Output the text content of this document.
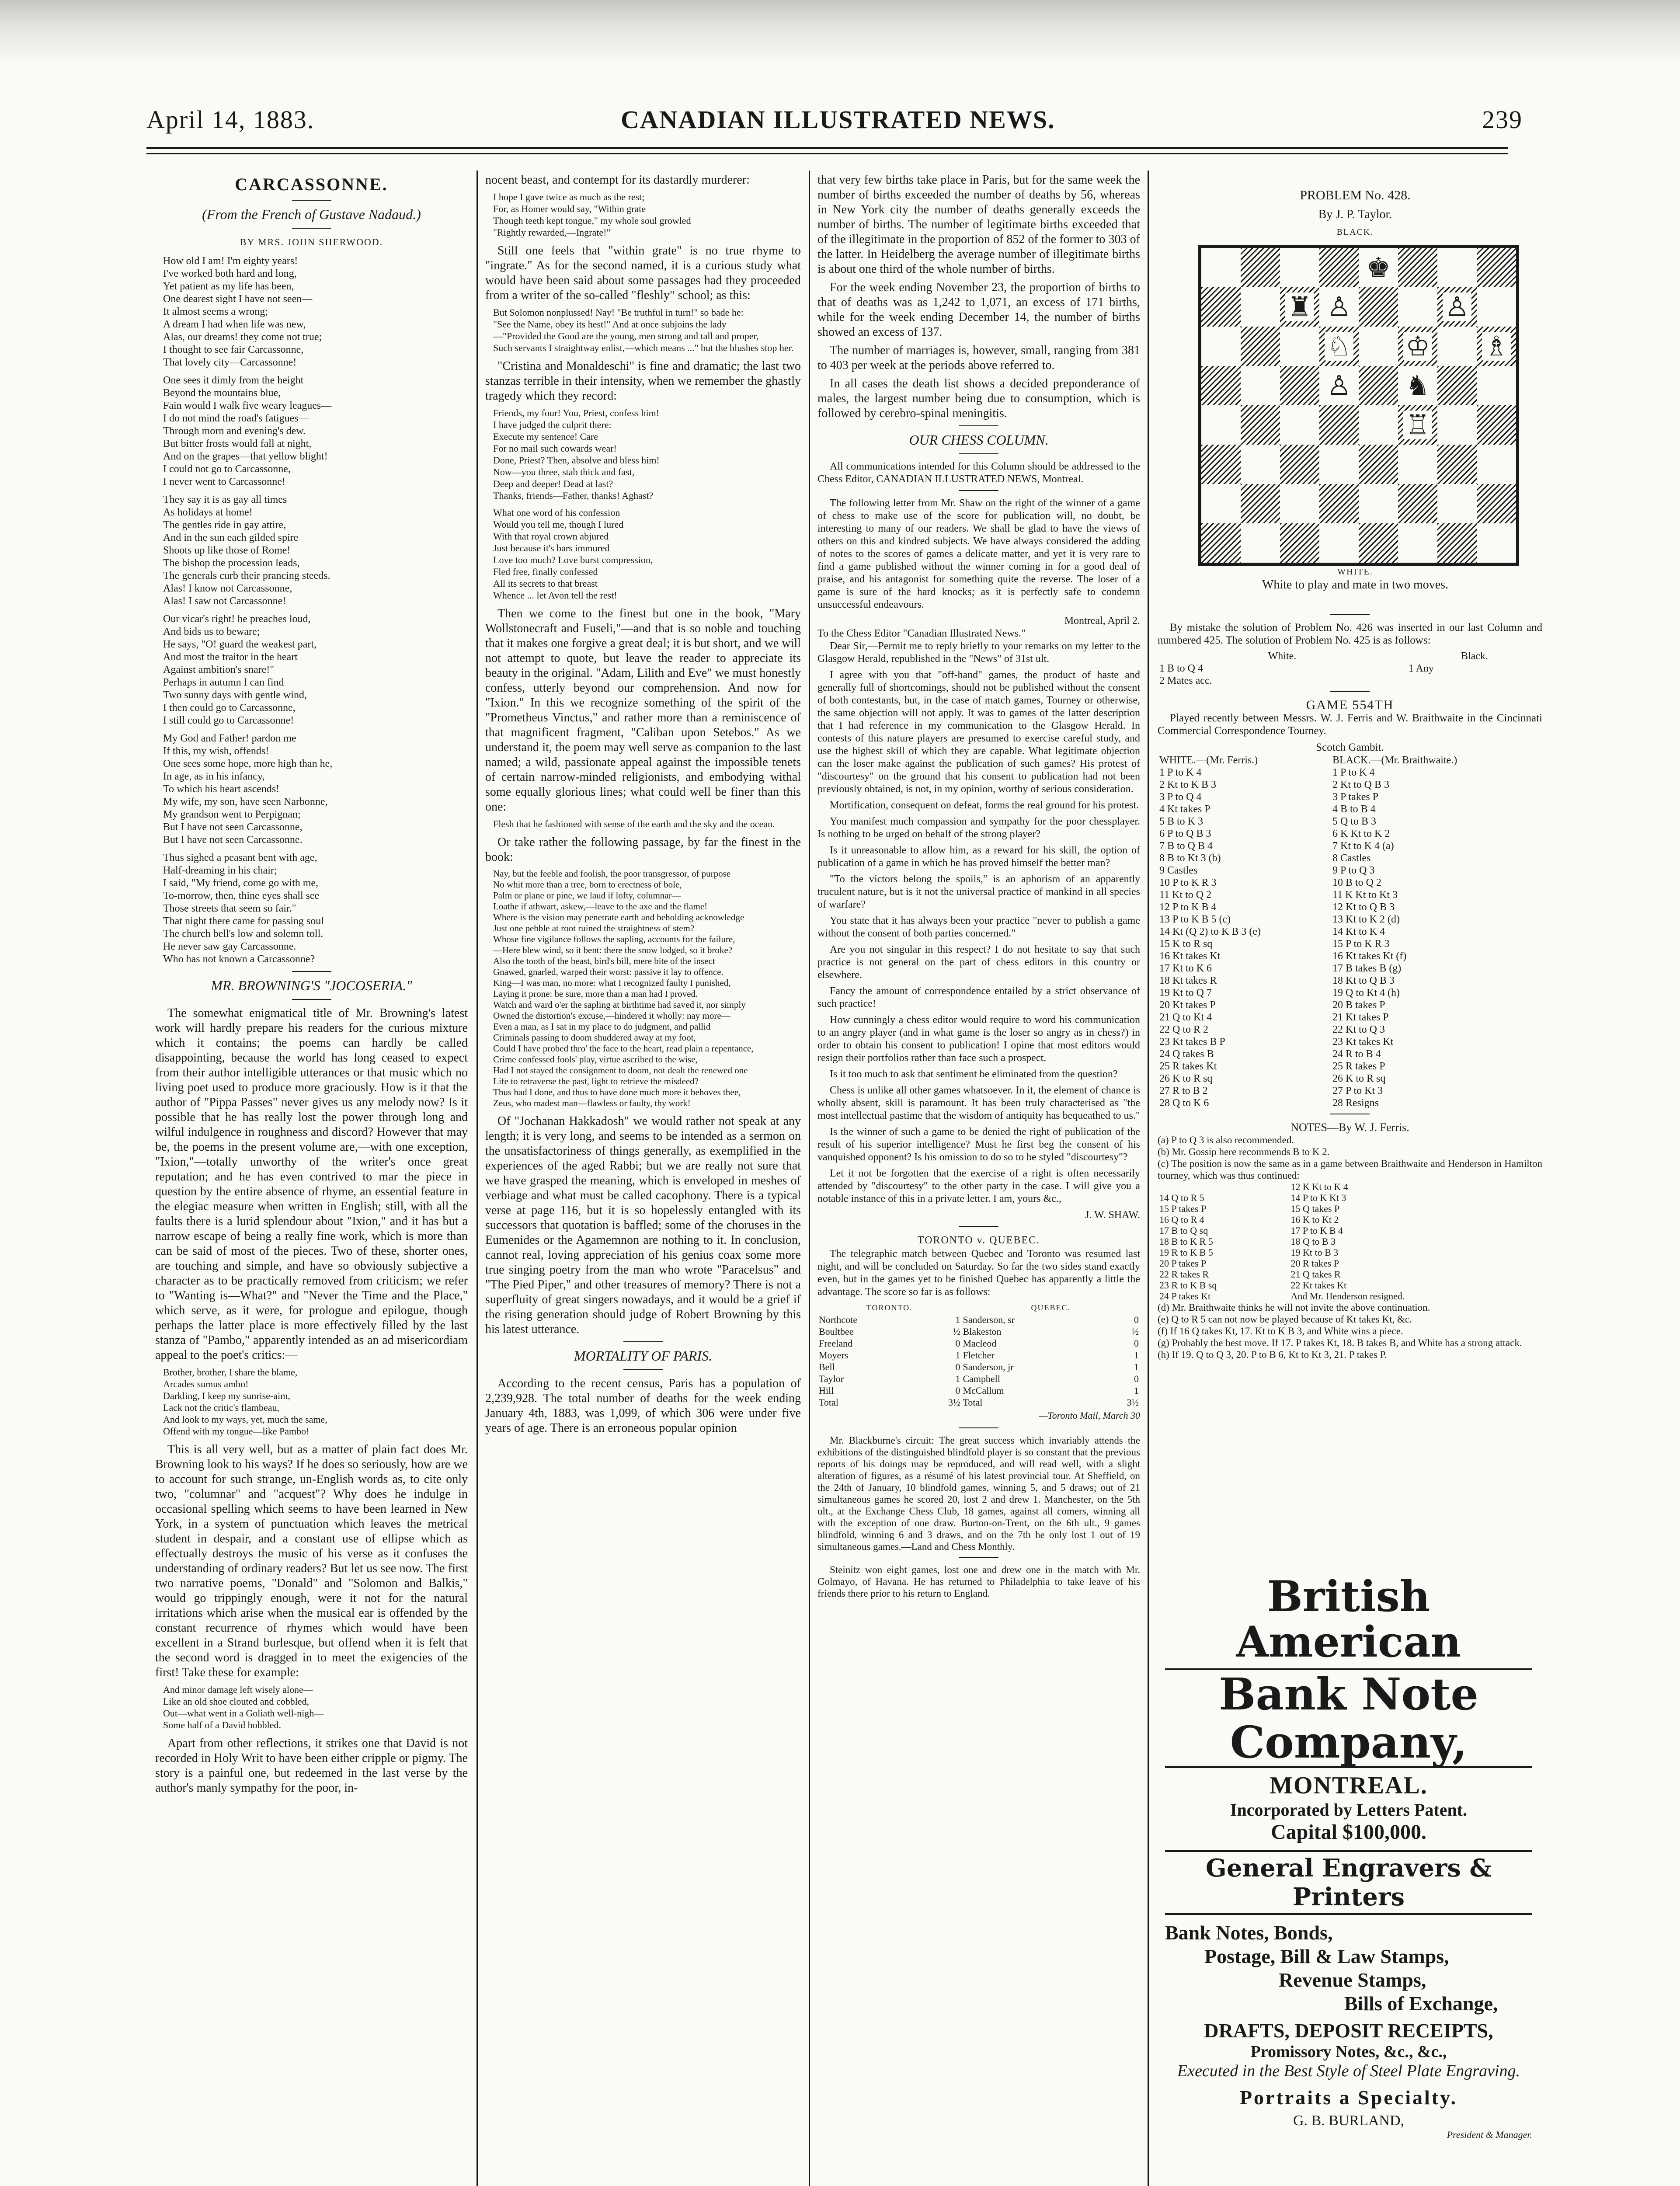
April 14, 1883.	CANADIAN ILLUSTRATED NEWS.	239
CARCASSONNE.
(From the French of Gustave Nadaud.)
BY MRS. JOHN SHERWOOD.
How old I am! I'm eighty years!
I've worked both hard and long,
Yet patient as my life has been,
One dearest sight I have not seen—
It almost seems a wrong;
A dream I had when life was new,
Alas, our dreams! they come not true;
I thought to see fair Carcassonne,
That lovely city—Carcassonne!
One sees it dimly from the height
Beyond the mountains blue,
Fain would I walk five weary leagues—
I do not mind the road's fatigues—
Through morn and evening's dew.
But bitter frosts would fall at night,
And on the grapes—that yellow blight!
I could not go to Carcassonne,
I never went to Carcassonne!
They say it is as gay all times
As holidays at home!
The gentles ride in gay attire,
And in the sun each gilded spire
Shoots up like those of Rome!
The bishop the procession leads,
The generals curb their prancing steeds.
Alas! I know not Carcassonne,
Alas! I saw not Carcassonne!
Our vicar's right! he preaches loud,
And bids us to beware;
He says, "O! guard the weakest part,
And most the traitor in the heart
Against ambition's snare!"
Perhaps in autumn I can find
Two sunny days with gentle wind,
I then could go to Carcassonne,
I still could go to Carcassonne!
My God and Father! pardon me
If this, my wish, offends!
One sees some hope, more high than he,
In age, as in his infancy,
To which his heart ascends!
My wife, my son, have seen Narbonne,
My grandson went to Perpignan;
But I have not seen Carcassonne,
But I have not seen Carcassonne.
Thus sighed a peasant bent with age,
Half-dreaming in his chair;
I said, "My friend, come go with me,
To-morrow, then, thine eyes shall see
Those streets that seem so fair."
That night there came for passing soul
The church bell's low and solemn toll.
He never saw gay Carcassonne.
Who has not known a Carcassonne?
MR. BROWNING'S "JOCOSERIA."

The somewhat enigmatical title of Mr. Browning's latest work will hardly prepare his readers for the curious mixture which it contains; the poems can hardly be called disappointing, because the world has long ceased to expect from their author intelligible utterances or that music which no living poet used to produce more graciously. How is it that the author of "Pippa Passes" never gives us any melody now? Is it possible that he has really lost the power through long and wilful indulgence in roughness and discord? However that may be, the poems in the present volume are,—with one exception, "Ixion,"—totally unworthy of the writer's once great reputation; and he has even contrived to mar the piece in question by the entire absence of rhyme, an essential feature in the elegiac measure when written in English; still, with all the faults there is a lurid splendour about "Ixion," and it has but a narrow escape of being a really fine work, which is more than can be said of most of the pieces. Two of these, shorter ones, are touching and simple, and have so obviously subjective a character as to be practically removed from criticism; we refer to "Wanting is—What?" and "Never the Time and the Place," which serve, as it were, for prologue and epilogue, though perhaps the latter place is more effectively filled by the last stanza of "Pambo," apparently intended as an ad misericordiam appeal to the poet's critics:—

Brother, brother, I share the blame,
Arcades sumus ambo!
Darkling, I keep my sunrise-aim,
Lack not the critic's flambeau,
And look to my ways, yet, much the same,
Offend with my tongue—like Pambo!

This is all very well, but as a matter of plain fact does Mr. Browning look to his ways? If he does so seriously, how are we to account for such strange, un-English words as, to cite only two, "columnar" and "acquest"? Why does he indulge in occasional spelling which seems to have been learned in New York, in a system of punctuation which leaves the metrical student in despair, and a constant use of ellipse which as effectually destroys the music of his verse as it confuses the understanding of ordinary readers? But let us see now. The first two narrative poems, "Donald" and "Solomon and Balkis," would go trippingly enough, were it not for the natural irritations which arise when the musical ear is offended by the constant recurrence of rhymes which would have been excellent in a Strand burlesque, but offend when it is felt that the second word is dragged in to meet the exigencies of the first! Take these for example:

And minor damage left wisely alone—
Like an old shoe clouted and cobbled,
Out—what went in a Goliath well-nigh—
Some half of a David hobbled.

Apart from other reflections, it strikes one that David is not recorded in Holy Writ to have been either cripple or pigmy. The story is a painful one, but redeemed in the last verse by the author's manly sympathy for the poor, in-

nocent beast, and contempt for its dastardly murderer:

I hope I gave twice as much as the rest;
For, as Homer would say, "Within grate
Though teeth kept tongue," my whole soul growled
"Rightly rewarded,—Ingrate!"

Still one feels that "within grate" is no true rhyme to "ingrate." As for the second named, it is a curious study what would have been said about some passages had they proceeded from a writer of the so-called "fleshly" school; as this:

But Solomon nonplussed! Nay! "Be truthful in turn!" so bade he:
"See the Name, obey its hest!" And at once subjoins the lady
—"Provided the Good are the young, men strong and tall and proper,
Such servants I straightway enlist,—which means ..." but the blushes stop her.

"Cristina and Monaldeschi" is fine and dramatic; the last two stanzas terrible in their intensity, when we remember the ghastly tragedy which they record:

Friends, my four! You, Priest, confess him!
I have judged the culprit there:
Execute my sentence! Care
For no mail such cowards wear!
Done, Priest? Then, absolve and bless him!
Now—you three, stab thick and fast,
Deep and deeper! Dead at last?
Thanks, friends—Father, thanks! Aghast?
What one word of his confession
Would you tell me, though I lured
With that royal crown abjured
Just because it's bars immured
Love too much? Love burst compression,
Fled free, finally confessed
All its secrets to that breast
Whence ... let Avon tell the rest!

Then we come to the finest but one in the book, "Mary Wollstonecraft and Fuseli,"—and that is so noble and touching that it makes one forgive a great deal; it is but short, and we will not attempt to quote, but leave the reader to appreciate its beauty in the original. "Adam, Lilith and Eve" we must honestly confess, utterly beyond our comprehension. And now for "Ixion." In this we recognize something of the spirit of the "Prometheus Vinctus," and rather more than a reminiscence of that magnificent fragment, "Caliban upon Setebos." As we understand it, the poem may well serve as companion to the last named; a wild, passionate appeal against the impossible tenets of certain narrow-minded religionists, and embodying withal some equally glorious lines; what could well be finer than this one:

Flesh that he fashioned with sense of the earth and the sky and the ocean.

Or take rather the following passage, by far the finest in the book:

Nay, but the feeble and foolish, the poor transgressor, of purpose
No whit more than a tree, born to erectness of bole,
Palm or plane or pine, we laud if lofty, columnar—
Loathe if athwart, askew,—leave to the axe and the flame!
Where is the vision may penetrate earth and beholding acknowledge
Just one pebble at root ruined the straightness of stem?
Whose fine vigilance follows the sapling, accounts for the failure,
—Here blew wind, so it bent: there the snow lodged, so it broke?
Also the tooth of the beast, bird's bill, mere bite of the insect
Gnawed, gnarled, warped their worst: passive it lay to offence.
King—I was man, no more: what I recognized faulty I punished,
Laying it prone: be sure, more than a man had I proved.
Watch and ward o'er the sapling at birthtime had saved it, nor simply
Owned the distortion's excuse,—hindered it wholly: nay more—
Even a man, as I sat in my place to do judgment, and pallid
Criminals passing to doom shuddered away at my foot,
Could I have probed thro' the face to the heart, read plain a repentance,
Crime confessed fools' play, virtue ascribed to the wise,
Had I not stayed the consignment to doom, not dealt the renewed one
Life to retraverse the past, light to retrieve the misdeed?
Thus had I done, and thus to have done much more it behoves thee,
Zeus, who madest man—flawless or faulty, thy work!

Of "Jochanan Hakkadosh" we would rather not speak at any length; it is very long, and seems to be intended as a sermon on the unsatisfactoriness of things generally, as exemplified in the experiences of the aged Rabbi; but we are really not sure that we have grasped the meaning, which is enveloped in meshes of verbiage and what must be called cacophony. There is a typical verse at page 116, but it is so hopelessly entangled with its successors that quotation is baffled; some of the choruses in the Eumenides or the Agamemnon are nothing to it. In conclusion, cannot real, loving appreciation of his genius coax some more true singing poetry from the man who wrote "Paracelsus" and "The Pied Piper," and other treasures of memory? There is not a superfluity of great singers nowadays, and it would be a grief if the rising generation should judge of Robert Browning by this his latest utterance.

MORTALITY OF PARIS.

According to the recent census, Paris has a population of 2,239,928. The total number of deaths for the week ending January 4th, 1883, was 1,099, of which 306 were under five years of age. There is an erroneous popular opinion

that very few births take place in Paris, but for the same week the number of births exceeded the number of deaths by 56, whereas in New York city the number of deaths generally exceeds the number of births. The number of legitimate births exceeded that of the illegitimate in the proportion of 852 of the former to 303 of the latter. In Heidelberg the average number of illegitimate births is about one third of the whole number of births.

For the week ending November 23, the proportion of births to that of deaths was as 1,242 to 1,071, an excess of 171 births, while for the week ending December 14, the number of births showed an excess of 137.

The number of marriages is, however, small, ranging from 381 to 403 per week at the periods above referred to.

In all cases the death list shows a decided preponderance of males, the largest number being due to consumption, which is followed by cerebro-spinal meningitis.

OUR CHESS COLUMN.

All communications intended for this Column should be addressed to the Chess Editor, CANADIAN ILLUSTRATED NEWS, Montreal.

The following letter from Mr. Shaw on the right of the winner of a game of chess to make use of the score for publication will, no doubt, be interesting to many of our readers. We shall be glad to have the views of others on this and kindred subjects. We have always considered the adding of notes to the scores of games a delicate matter, and yet it is very rare to find a game published without the winner coming in for a good deal of praise, and his antagonist for something quite the reverse. The loser of a game is sure of the hard knocks; as it is perfectly safe to condemn unsuccessful endeavours.

Montreal, April 2.
To the Chess Editor "Canadian Illustrated News."

Dear Sir,—Permit me to reply briefly to your remarks on my letter to the Glasgow Herald, republished in the "News" of 31st ult.

I agree with you that "off-hand" games, the product of haste and generally full of shortcomings, should not be published without the consent of both contestants, but, in the case of match games, Tourney or otherwise, the same objection will not apply. It was to games of the latter description that I had reference in my communication to the Glasgow Herald. In contests of this nature players are presumed to exercise careful study, and use the highest skill of which they are capable. What legitimate objection can the loser make against the publication of such games? His protest of "discourtesy" on the ground that his consent to publication had not been previously obtained, is not, in my opinion, worthy of serious consideration.

Mortification, consequent on defeat, forms the real ground for his protest.

You manifest much compassion and sympathy for the poor chessplayer. Is nothing to be urged on behalf of the strong player?

Is it unreasonable to allow him, as a reward for his skill, the option of publication of a game in which he has proved himself the better man?

"To the victors belong the spoils," is an aphorism of an apparently truculent nature, but is it not the universal practice of mankind in all species of warfare?

You state that it has always been your practice "never to publish a game without the consent of both parties concerned."

Are you not singular in this respect? I do not hesitate to say that such practice is not general on the part of chess editors in this country or elsewhere.

Fancy the amount of correspondence entailed by a strict observance of such practice!

How cunningly a chess editor would require to word his communication to an angry player (and in what game is the loser so angry as in chess?) in order to obtain his consent to publication! I opine that most editors would resign their portfolios rather than face such a prospect.

Is it too much to ask that sentiment be eliminated from the question?

Chess is unlike all other games whatsoever. In it, the element of chance is wholly absent, skill is paramount. It has been truly characterised as "the most intellectual pastime that the wisdom of antiquity has bequeathed to us."

Is the winner of such a game to be denied the right of publication of the result of his superior intelligence? Must he first beg the consent of his vanquished opponent? Is his omission to do so to be styled "discourtesy"?

Let it not be forgotten that the exercise of a right is often necessarily attended by "discourtesy" to the other party in the case. I will give you a notable instance of this in a private letter. I am, yours &c.,

J. W. SHAW.
TORONTO v. QUEBEC.

The telegraphic match between Quebec and Toronto was resumed last night, and will be concluded on Saturday. So far the two sides stand exactly even, but in the games yet to be finished Quebec has apparently a little the advantage. The score so far is as follows:

TORONTO.		QUEBEC.	
Northcote	1	Sanderson, sr	0
Boultbee	½	Blakeston	½
Freeland	0	Macleod	0
Moyers	1	Fletcher	1
Bell	0	Sanderson, jr	1
Taylor	1	Campbell	0
Hill	0	McCallum	1
Total	3½	Total	3½
—Toronto Mail, March 30

Mr. Blackburne's circuit: The great success which invariably attends the exhibitions of the distinguished blindfold player is so constant that the previous reports of his doings may be reproduced, and will read well, with a slight alteration of figures, as a résumé of his latest provincial tour. At Sheffield, on the 24th of January, 10 blindfold games, winning 5, and 5 draws; out of 21 simultaneous games he scored 20, lost 2 and drew 1. Manchester, on the 5th ult., at the Exchange Chess Club, 18 games, against all comers, winning all with the exception of one draw. Burton-on-Trent, on the 6th ult., 9 games blindfold, winning 6 and 3 draws, and on the 7th he only lost 1 out of 19 simultaneous games.—Land and Chess Monthly.

Steinitz won eight games, lost one and drew one in the match with Mr. Golmayo, of Havana. He has returned to Philadelphia to take leave of his friends there prior to his return to England.

PROBLEM No. 428.
By J. P. Taylor.
BLACK.
♚
♜ ♙	♙
♘ ♔ ♗
♙ ♞
♖
WHITE.
White to play and mate in two moves.

By mistake the solution of Problem No. 426 was inserted in our last Column and numbered 425. The solution of Problem No. 425 is as follows:

White.	Black.
1 B to Q 4	1 Any
2 Mates acc.	
GAME 554TH

Played recently between Messrs. W. J. Ferris and W. Braithwaite in the Cincinnati Commercial Correspondence Tourney.

Scotch Gambit.
WHITE.—(Mr. Ferris.)	BLACK.—(Mr. Braithwaite.)
1 P to K 4	1 P to K 4
2 Kt to K B 3	2 Kt to Q B 3
3 P to Q 4	3 P takes P
4 Kt takes P	4 B to B 4
5 B to K 3	5 Q to B 3
6 P to Q B 3	6 K Kt to K 2
7 B to Q B 4	7 Kt to K 4 (a)
8 B to Kt 3 (b)	8 Castles
9 Castles	9 P to Q 3
10 P to K R 3	10 B to Q 2
11 Kt to Q 2	11 K Kt to Kt 3
12 P to K B 4	12 Kt to Q B 3
13 P to K B 5 (c)	13 Kt to K 2 (d)
14 Kt (Q 2) to K B 3 (e)	14 Kt to K 4
15 K to R sq	15 P to K R 3
16 Kt takes Kt	16 Kt takes Kt (f)
17 Kt to K 6	17 B takes B (g)
18 Kt takes R	18 Kt to Q B 3
19 Kt to Q 7	19 Q to Kt 4 (h)
20 Kt takes P	20 B takes P
21 Q to Kt 4	21 Kt takes P
22 Q to R 2	22 Kt to Q 3
23 Kt takes B P	23 Kt takes Kt
24 Q takes B	24 R to B 4
25 R takes Kt	25 R takes P
26 K to R sq	26 K to R sq
27 R to B 2	27 P to Kt 3
28 Q to K 6	28 Resigns
NOTES—By W. J. Ferris.
(a) P to Q 3 is also recommended.
(b) Mr. Gossip here recommends B to K 2.
(c) The position is now the same as in a game between Braithwaite and Henderson in Hamilton tourney, which was thus continued:
	12 K Kt to K 4
14 Q to R 5	14 P to K Kt 3
15 P takes P	15 Q takes P
16 Q to R 4	16 K to Kt 2
17 B to Q sq	17 P to K B 4
18 B to K R 5	18 Q to B 3
19 R to K B 5	19 Kt to B 3
20 P takes P	20 R takes P
22 R takes R	21 Q takes R
23 R to K B sq	22 Kt takes Kt
24 P takes Kt	And Mr. Henderson resigned.
(d) Mr. Braithwaite thinks he will not invite the above continuation.
(e) Q to R 5 can not now be played because of Kt takes Kt, &c.
(f) If 16 Q takes Kt, 17. Kt to K B 3, and White wins a piece.
(g) Probably the best move. If 17. P takes Kt, 18. B takes B, and White has a strong attack.
(h) If 19. Q to Q 3, 20. P to B 6, Kt to Kt 3, 21. P takes P.
British American
Bank Note Company,
MONTREAL.
Incorporated by Letters Patent.
Capital $100,000.
General Engravers & Printers
Bank Notes, Bonds,
Postage, Bill & Law Stamps,
Revenue Stamps,
Bills of Exchange,
DRAFTS, DEPOSIT RECEIPTS,
Promissory Notes, &c., &c.,
Executed in the Best Style of Steel Plate Engraving.
Portraits a Specialty.
G. B. BURLAND,
President & Manager.
